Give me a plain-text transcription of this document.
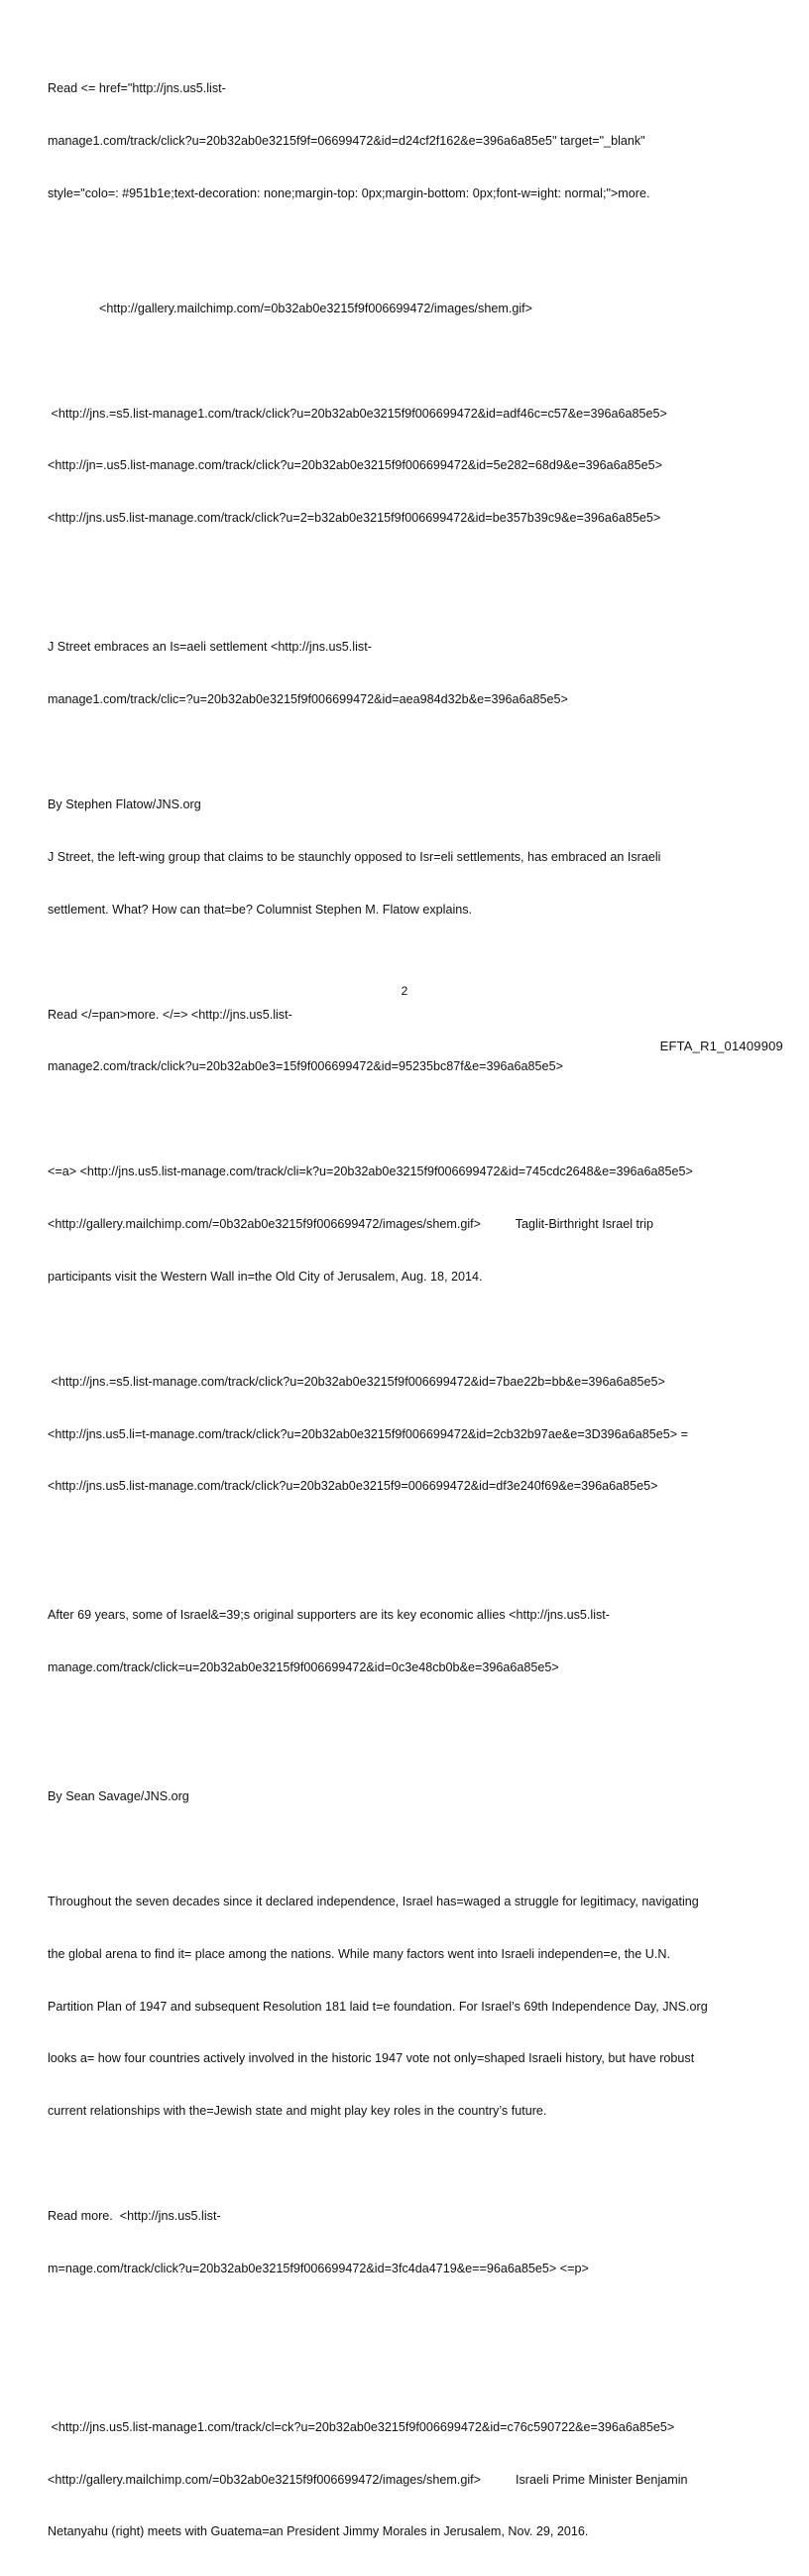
Read <= href="http://jns.us5.list-

manage1.com/track/click?u=20b32ab0e3215f9f=06699472&id=d24cf2f162&e=396a6a85e5" target="_blank"

style="colo=: #951b1e;text-decoration: none;margin-top: 0px;margin-bottom: 0px;font-w=ight: normal;">more.

<http://gallery.mailchimp.com/=0b32ab0e3215f9f006699472/images/shem.gif>

<http://jns.=s5.list-manage1.com/track/click?u=20b32ab0e3215f9f006699472&id=adf46c=c57&e=396a6a85e5>

<http://jn=.us5.list-manage.com/track/click?u=20b32ab0e3215f9f006699472&id=5e282=68d9&e=396a6a85e5>

<http://jns.us5.list-manage.com/track/click?u=2=b32ab0e3215f9f006699472&id=be357b39c9&e=396a6a85e5>

J Street embraces an Is=aeli settlement <http://jns.us5.list-

manage1.com/track/clic=?u=20b32ab0e3215f9f006699472&id=aea984d32b&e=396a6a85e5>

By Stephen Flatow/JNS.org

J Street, the left-wing group that claims to be staunchly opposed to Isr=eli settlements, has embraced an Israeli

settlement. What? How can that=be? Columnist Stephen M. Flatow explains.

Read </=pan>more. </=> <http://jns.us5.list-

manage2.com/track/click?u=20b32ab0e3=15f9f006699472&id=95235bc87f&e=396a6a85e5>

<=a> <http://jns.us5.list-manage.com/track/cli=k?u=20b32ab0e3215f9f006699472&id=745cdc2648&e=396a6a85e5>

<http://gallery.mailchimp.com/=0b32ab0e3215f9f006699472/images/shem.gif>          Taglit-Birthright Israel trip

participants visit the Western Wall in=the Old City of Jerusalem, Aug. 18, 2014.

<http://jns.=s5.list-manage.com/track/click?u=20b32ab0e3215f9f006699472&id=7bae22b=bb&e=396a6a85e5>

<http://jns.us5.li=t-manage.com/track/click?u=20b32ab0e3215f9f006699472&id=2cb32b97ae&e=3D396a6a85e5> =

<http://jns.us5.list-manage.com/track/click?u=20b32ab0e3215f9=006699472&id=df3e240f69&e=396a6a85e5>

After 69 years, some of Israel&=39;s original supporters are its key economic allies <http://jns.us5.list-

manage.com/track/click=u=20b32ab0e3215f9f006699472&id=0c3e48cb0b&e=396a6a85e5>

By Sean Savage/JNS.org

Throughout the seven decades since it declared independence, Israel has=waged a struggle for legitimacy, navigating

the global arena to find it= place among the nations. While many factors went into Israeli independen=e, the U.N.

Partition Plan of 1947 and subsequent Resolution 181 laid t=e foundation. For Israel’s 69th Independence Day, JNS.org

looks a= how four countries actively involved in the historic 1947 vote not only=shaped Israeli history, but have robust

current relationships with the=Jewish state and might play key roles in the country’s future.

Read more.  <http://jns.us5.list-

m=nage.com/track/click?u=20b32ab0e3215f9f006699472&id=3fc4da4719&e==96a6a85e5> <=p>

<http://jns.us5.list-manage1.com/track/cl=ck?u=20b32ab0e3215f9f006699472&id=c76c590722&e=396a6a85e5>

<http://gallery.mailchimp.com/=0b32ab0e3215f9f006699472/images/shem.gif>          Israeli Prime Minister Benjamin

Netanyahu (right) meets with Guatema=an President Jimmy Morales in Jerusalem, Nov. 29, 2016.

2
EFTA_R1_01409909
